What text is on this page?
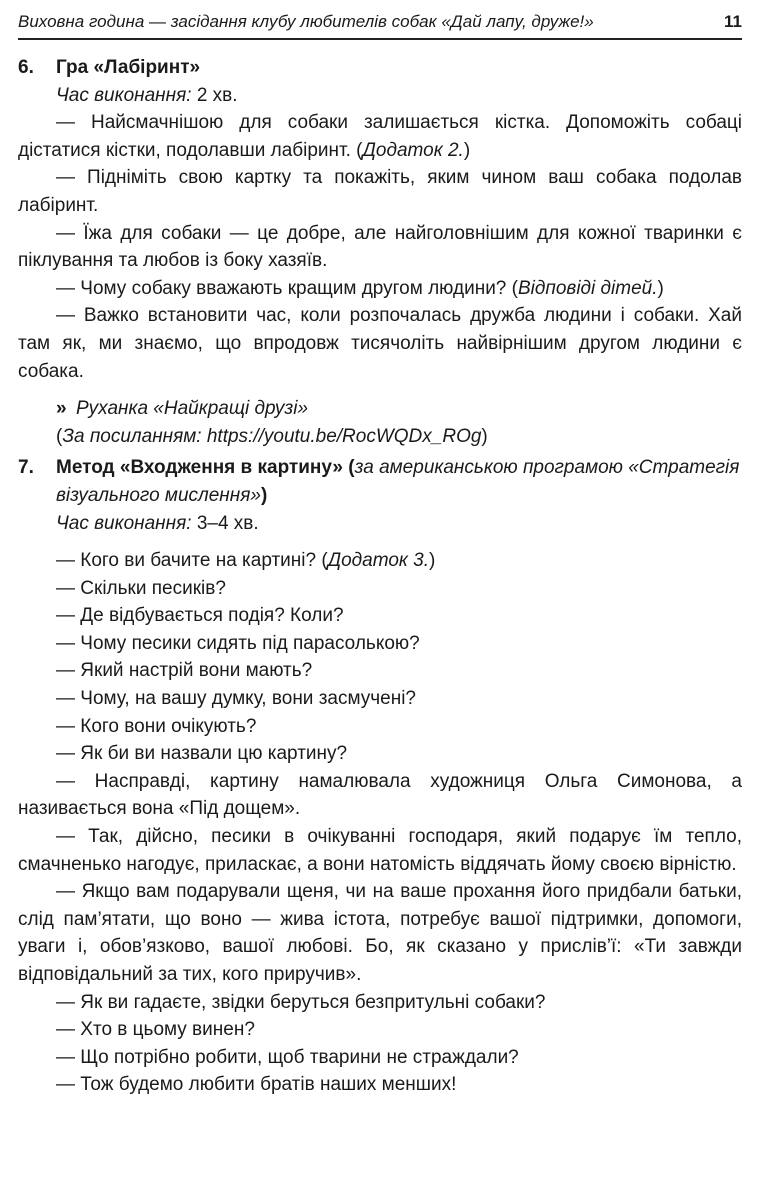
Виховна година — засідання клубу любителів собак «Дай лапу, друже!»	11
6.	Гра «Лабіринт»
Час виконання: 2 хв.

— Найсмачнішою для собаки залишається кістка. Допоможіть собаці дістатися кістки, подолавши лабіринт. (Додаток 2.)

— Підніміть свою картку та покажіть, яким чином ваш собака подолав лабіринт.

— Їжа для собаки — це добре, але найголовнішим для кожної тваринки є піклування та любов із боку хазяїв.

— Чому собаку вважають кращим другом людини? (Відповіді дітей.)

— Важко встановити час, коли розпочалась дружба людини і собаки. Хай там як, ми знаємо, що впродовж тисячоліть найвірнішим другом людини є собака.

» Руханка «Найкращі друзі»
(За посиланням: https://youtu.be/RocWQDx_ROg)
7.	Метод «Входження в картину» (за американською програмою «Стратегія візуального мислення»)
Час виконання: 3–4 хв.

— Кого ви бачите на картині? (Додаток 3.)

— Скільки песиків?

— Де відбувається подія? Коли?

— Чому песики сидять під парасолькою?

— Який настрій вони мають?

— Чому, на вашу думку, вони засмучені?

— Кого вони очікують?

— Як би ви назвали цю картину?

— Насправді, картину намалювала художниця Ольга Симонова, а називається вона «Під дощем».

— Так, дійсно, песики в очікуванні господаря, який подарує їм тепло, смачненько нагодує, приласкає, а вони натомість віддячать йому своєю вірністю.

— Якщо вам подарували щеня, чи на ваше прохання його придбали батьки, слід пам’ятати, що воно — жива істота, потребує вашої підтримки, допомоги, уваги і, обов’язково, вашої любові. Бо, як сказано у прислів’ї: «Ти завжди відповідальний за тих, кого приручив».

— Як ви гадаєте, звідки беруться безпритульні собаки?

— Хто в цьому винен?

— Що потрібно робити, щоб тварини не страждали?

— Тож будемо любити братів наших менших!
